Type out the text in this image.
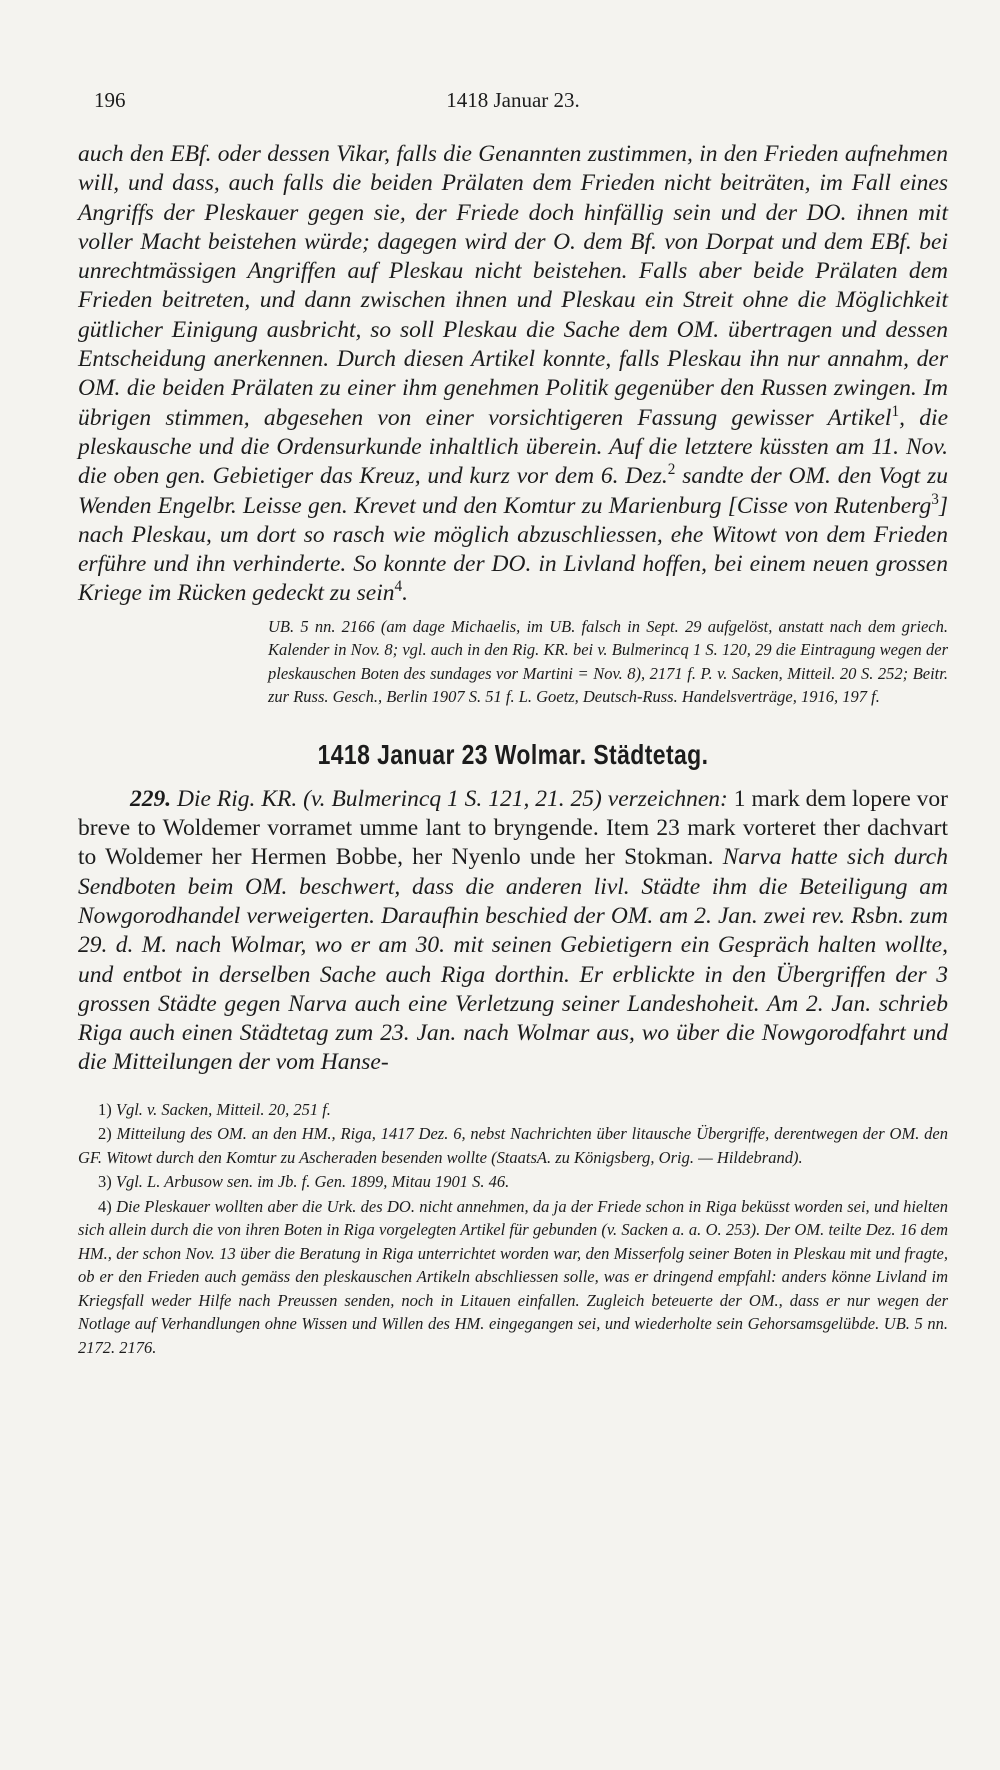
196	1418 Januar 23.

auch den EBf. oder dessen Vikar, falls die Genannten zustimmen, in den Frieden aufnehmen will, und dass, auch falls die beiden Prälaten dem Frieden nicht beiträten, im Fall eines Angriffs der Pleskauer gegen sie, der Friede doch hinfällig sein und der DO. ihnen mit voller Macht beistehen würde; dagegen wird der O. dem Bf. von Dorpat und dem EBf. bei unrechtmässigen Angriffen auf Pleskau nicht beistehen. Falls aber beide Prälaten dem Frieden beitreten, und dann zwischen ihnen und Pleskau ein Streit ohne die Möglichkeit gütlicher Einigung ausbricht, so soll Pleskau die Sache dem OM. übertragen und dessen Entscheidung anerkennen. Durch diesen Artikel konnte, falls Pleskau ihn nur annahm, der OM. die beiden Prälaten zu einer ihm genehmen Politik gegenüber den Russen zwingen. Im übrigen stimmen, abgesehen von einer vorsichtigeren Fassung gewisser Artikel$^1$, die pleskausche und die Ordensurkunde inhaltlich überein. Auf die letztere küssten am 11. Nov. die oben gen. Gebietiger das Kreuz, und kurz vor dem 6. Dez.$^2$ sandte der OM. den Vogt zu Wenden Engelbr. Leisse gen. Krevet und den Komtur zu Marienburg [Cisse von Rutenberg$^3$] nach Pleskau, um dort so rasch wie möglich abzuschliessen, ehe Witowt von dem Frieden erführe und ihn verhinderte. So konnte der DO. in Livland hoffen, bei einem neuen grossen Kriege im Rücken gedeckt zu sein$^4$.

UB. 5 nn. 2166 (am dage Michaelis, im UB. falsch in Sept. 29 aufgelöst, anstatt nach dem griech. Kalender in Nov. 8; vgl. auch in den Rig. KR. bei v. Bulmerincq 1 S. 120, 29 die Eintragung wegen der pleskauschen Boten des sundages vor Martini = Nov. 8), 2171 f. P. v. Sacken, Mitteil. 20 S. 252; Beitr. zur Russ. Gesch., Berlin 1907 S. 51 f. L. Goetz, Deutsch-Russ. Handelsverträge, 1916, 197 f.
1418 Januar 23 Wolmar. Städtetag.
229. Die Rig. KR. (v. Bulmerincq 1 S. 121, 21. 25) verzeichnen: 1 mark dem lopere vor breve to Woldemer vorramet umme lant to bryngende. Item 23 mark vorteret ther dachvart to Woldemer her Hermen Bobbe, her Nyenlo unde her Stokman. Narva hatte sich durch Sendboten beim OM. beschwert, dass die anderen livl. Städte ihm die Beteiligung am Nowgorodhandel verweigerten. Daraufhin beschied der OM. am 2. Jan. zwei rev. Rsbn. zum 29. d. M. nach Wolmar, wo er am 30. mit seinen Gebietigern ein Gespräch halten wollte, und entbot in derselben Sache auch Riga dorthin. Er erblickte in den Übergriffen der 3 grossen Städte gegen Narva auch eine Verletzung seiner Landeshoheit. Am 2. Jan. schrieb Riga auch einen Städtetag zum 23. Jan. nach Wolmar aus, wo über die Nowgorodfahrt und die Mitteilungen der vom Hanse-

1) Vgl. v. Sacken, Mitteil. 20, 251 f.

2) Mitteilung des OM. an den HM., Riga, 1417 Dez. 6, nebst Nachrichten über litausche Übergriffe, derentwegen der OM. den GF. Witowt durch den Komtur zu Ascheraden besenden wollte (StaatsA. zu Königsberg, Orig. — Hildebrand).

3) Vgl. L. Arbusow sen. im Jb. f. Gen. 1899, Mitau 1901 S. 46.

4) Die Pleskauer wollten aber die Urk. des DO. nicht annehmen, da ja der Friede schon in Riga beküsst worden sei, und hielten sich allein durch die von ihren Boten in Riga vorgelegten Artikel für gebunden (v. Sacken a. a. O. 253). Der OM. teilte Dez. 16 dem HM., der schon Nov. 13 über die Beratung in Riga unterrichtet worden war, den Misserfolg seiner Boten in Pleskau mit und fragte, ob er den Frieden auch gemäss den pleskauschen Artikeln abschliessen solle, was er dringend empfahl: anders könne Livland im Kriegsfall weder Hilfe nach Preussen senden, noch in Litauen einfallen. Zugleich beteuerte der OM., dass er nur wegen der Notlage auf Verhandlungen ohne Wissen und Willen des HM. eingegangen sei, und wiederholte sein Gehorsamsgelübde. UB. 5 nn. 2172. 2176.
